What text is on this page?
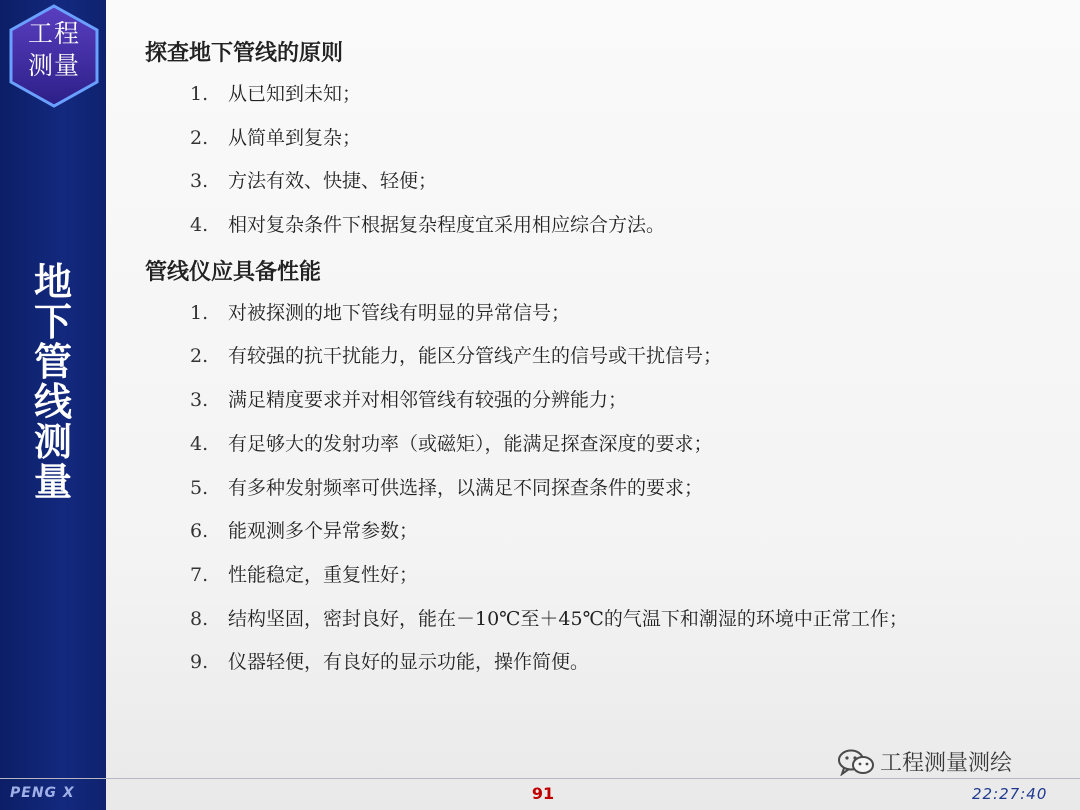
工程
测量
地
下
管
线
测
量
探查地下管线的原则
1. 从已知到未知；
2. 从简单到复杂；
3. 方法有效、快捷、轻便；
4. 相对复杂条件下根据复杂程度宜采用相应综合方法。
管线仪应具备性能
1. 对被探测的地下管线有明显的异常信号；
2. 有较强的抗干扰能力，能区分管线产生的信号或干扰信号；
3. 满足精度要求并对相邻管线有较强的分辨能力；
4. 有足够大的发射功率（或磁矩），能满足探查深度的要求；
5. 有多种发射频率可供选择，以满足不同探查条件的要求；
6. 能观测多个异常参数；
7. 性能稳定，重复性好；
8. 结构坚固，密封良好，能在－10℃至＋45℃的气温下和潮湿的环境中正常工作；
9. 仪器轻便，有良好的显示功能，操作简便。
PENG X	91
工程测量测绘
22:27:40
